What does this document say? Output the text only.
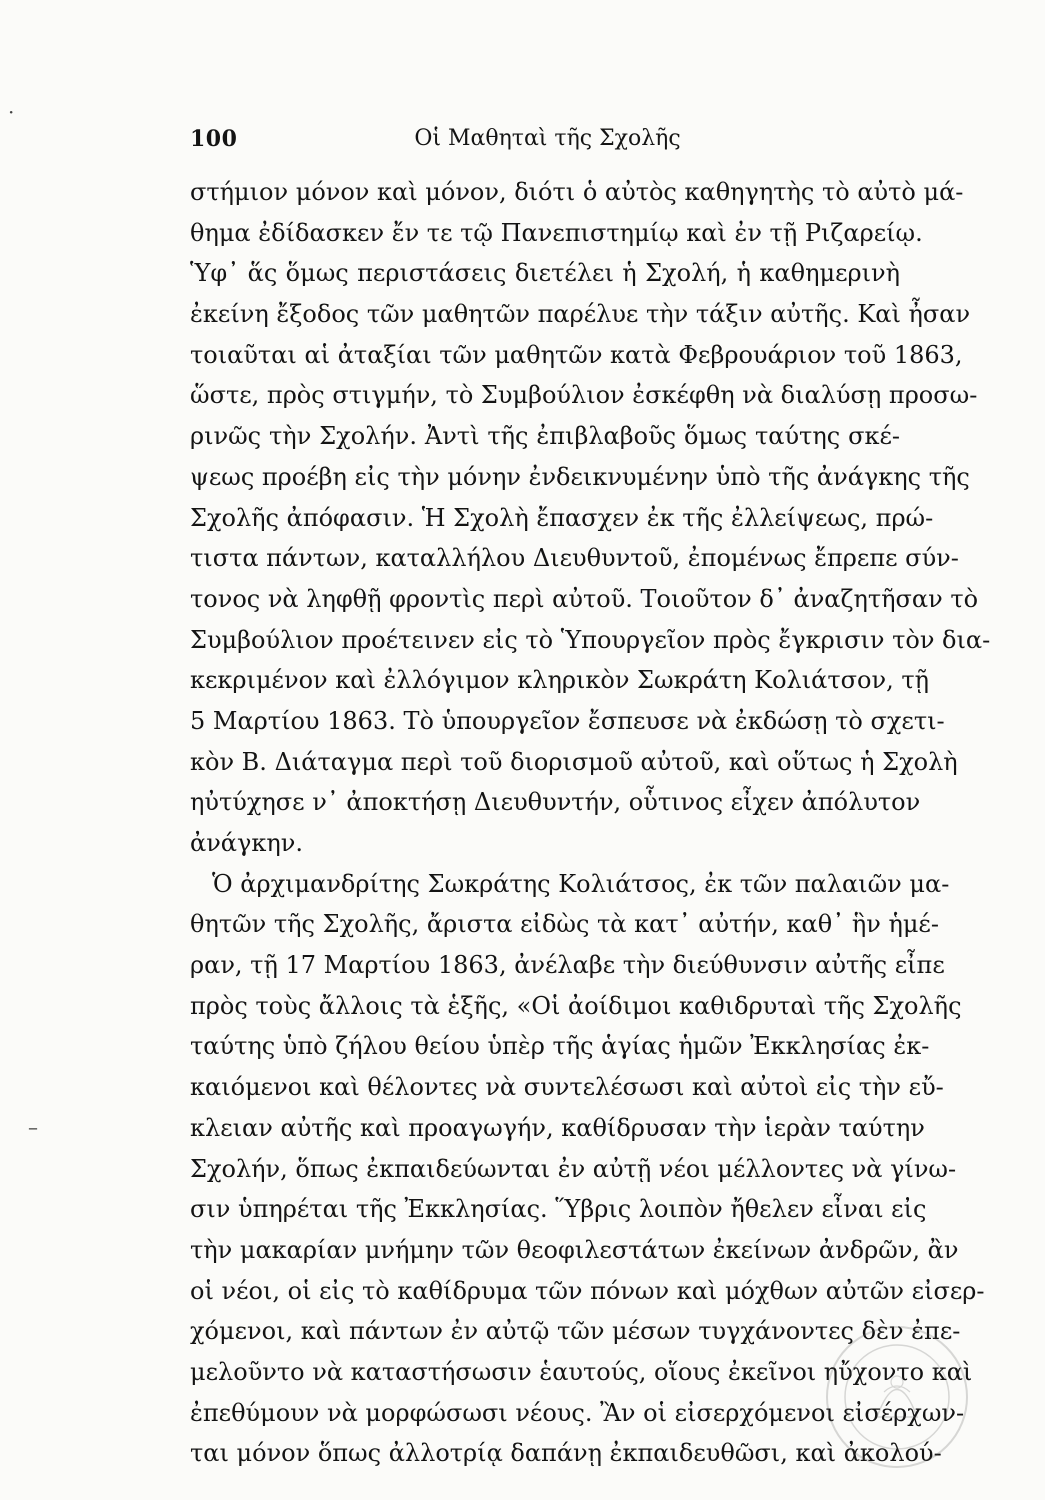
100	Οἱ Μαθηταὶ τῆς Σχολῆς
στήμιον μόνον καὶ μόνον, διότι ὁ αὐτὸς καθηγητὴς τὸ αὐτὸ μά-
θημα ἐδίδασκεν ἔν τε τῷ Πανεπιστημίῳ καὶ ἐν τῇ Ριζαρείῳ.
Ὑφ᾽ ἅς ὅμως περιστάσεις διετέλει ἡ Σχολή, ἡ καθημερινὴ
ἐκείνη ἔξοδος τῶν μαθητῶν παρέλυε τὴν τάξιν αὐτῆς. Καὶ ἦσαν
τοιαῦται αἱ ἀταξίαι τῶν μαθητῶν κατὰ Φεβρουάριον τοῦ 1863,
ὥστε, πρὸς στιγμήν, τὸ Συμβούλιον ἐσκέφθη νὰ διαλύσῃ προσω-
ρινῶς τὴν Σχολήν. Ἀντὶ τῆς ἐπιβλαβοῦς ὅμως ταύτης σκέ-
ψεως προέβη εἰς τὴν μόνην ἐνδεικνυμένην ὑπὸ τῆς ἀνάγκης τῆς
Σχολῆς ἀπόφασιν. Ἡ Σχολὴ ἔπασχεν ἐκ τῆς ἐλλείψεως, πρώ-
τιστα πάντων, καταλλήλου Διευθυντοῦ, ἐπομένως ἔπρεπε σύν-
τονος νὰ ληφθῇ φροντὶς περὶ αὐτοῦ. Τοιοῦτον δ᾽ ἀναζητῆσαν τὸ
Συμβούλιον προέτεινεν εἰς τὸ Ὑπουργεῖον πρὸς ἔγκρισιν τὸν δια-
κεκριμένον καὶ ἐλλόγιμον κληρικὸν Σωκράτη Κολιάτσον, τῇ
5 Μαρτίου 1863. Τὸ ὑπουργεῖον ἔσπευσε νὰ ἐκδώσῃ τὸ σχετι-
κὸν Β. Διάταγμα περὶ τοῦ διορισμοῦ αὐτοῦ, καὶ οὕτως ἡ Σχολὴ
ηὐτύχησε ν᾽ ἀποκτήσῃ Διευθυντήν, οὗτινος εἶχεν ἀπόλυτον
ἀνάγκην.
Ὁ ἀρχιμανδρίτης Σωκράτης Κολιάτσος, ἐκ τῶν παλαιῶν μα-
θητῶν τῆς Σχολῆς, ἄριστα εἰδὼς τὰ κατ᾽ αὐτήν, καθ᾽ ἣν ἡμέ-
ραν, τῇ 17 Μαρτίου 1863, ἀνέλαβε τὴν διεύθυνσιν αὐτῆς εἶπε
πρὸς τοὺς ἄλλοις τὰ ἑξῆς, «Οἱ ἀοίδιμοι καθιδρυταὶ τῆς Σχολῆς
ταύτης ὑπὸ ζήλου θείου ὑπὲρ τῆς ἁγίας ἡμῶν Ἐκκλησίας ἐκ-
καιόμενοι καὶ θέλοντες νὰ συντελέσωσι καὶ αὐτοὶ εἰς τὴν εὔ-
κλειαν αὐτῆς καὶ προαγωγήν, καθίδρυσαν τὴν ἱερὰν ταύτην
Σχολήν, ὅπως ἐκπαιδεύωνται ἐν αὐτῇ νέοι μέλλοντες νὰ γίνω-
σιν ὑπηρέται τῆς Ἐκκλησίας. Ὕβρις λοιπὸν ἤθελεν εἶναι εἰς
τὴν μακαρίαν μνήμην τῶν θεοφιλεστάτων ἐκείνων ἀνδρῶν, ἂν
οἱ νέοι, οἱ εἰς τὸ καθίδρυμα τῶν πόνων καὶ μόχθων αὐτῶν εἰσερ-
χόμενοι, καὶ πάντων ἐν αὐτῷ τῶν μέσων τυγχάνοντες δὲν ἐπε-
μελοῦντο νὰ καταστήσωσιν ἑαυτούς, οἵους ἐκεῖνοι ηὔχοντο καὶ
ἐπεθύμουν νὰ μορφώσωσι νέους. Ἂν οἱ εἰσερχόμενοι εἰσέρχων-
ται μόνον ὅπως ἀλλοτρίᾳ δαπάνῃ ἐκπαιδευθῶσι, καὶ ἀκολού-
·
–
